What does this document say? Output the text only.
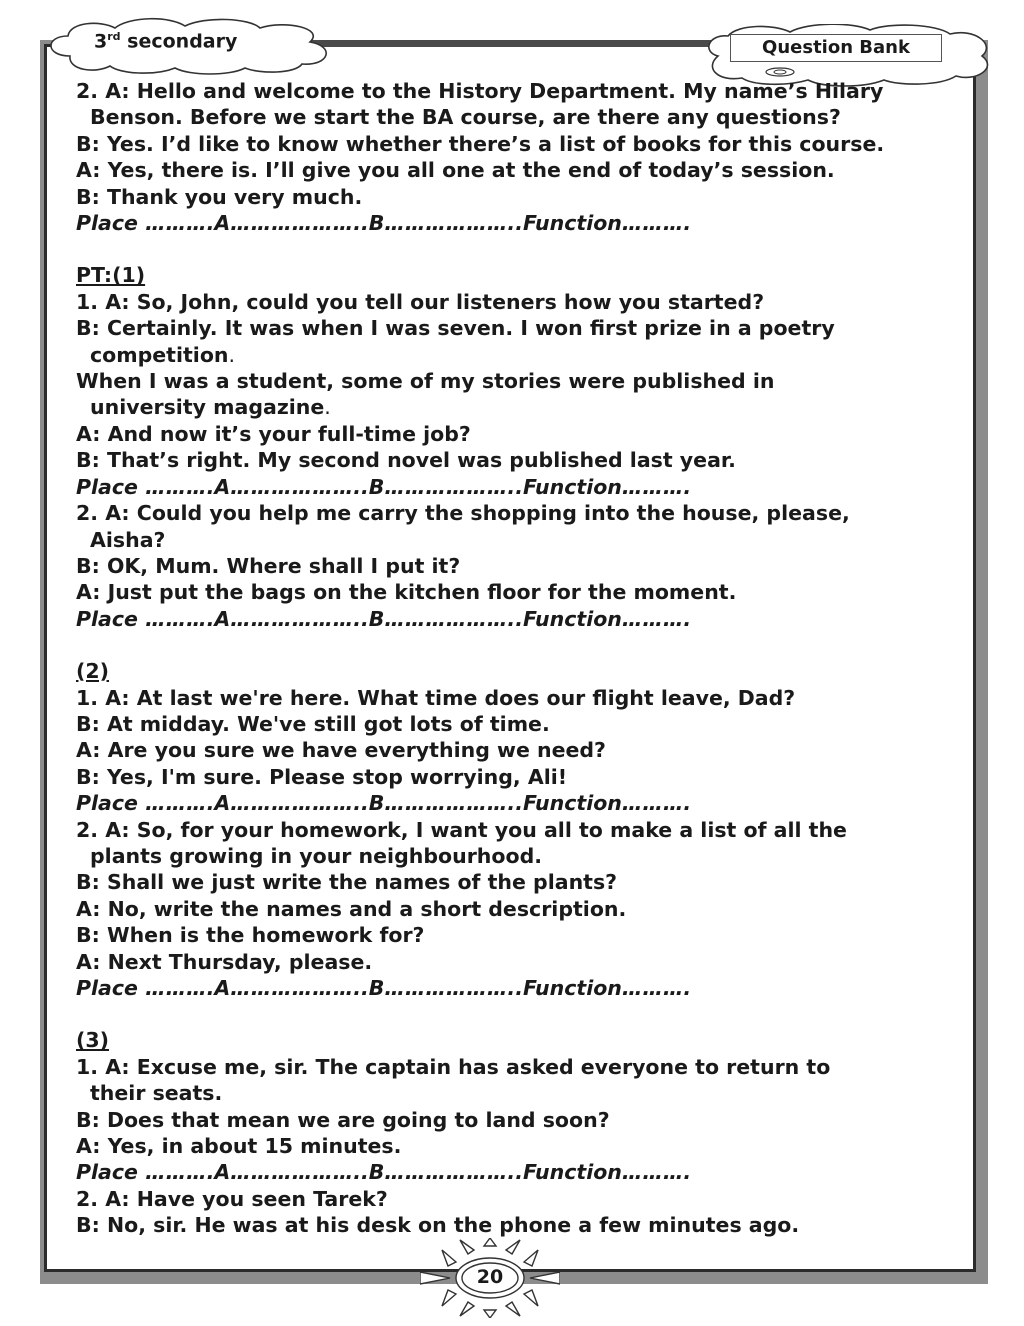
3rd secondary	Question Bank

2. A: Hello and welcome to the History Department. My name’s Hilary

Benson. Before we start the BA course, are there any questions?

B: Yes. I’d like to know whether there’s a list of books for this course.

A: Yes, there is. I’ll give you all one at the end of today’s session.

B: Thank you very much.

Place ……….A………………..B………………..Function……….

PT:(1)

1. A: So, John, could you tell our listeners how you started?

B: Certainly. It was when I was seven. I won first prize in a poetry

competition.

When I was a student, some of my stories were published in

university magazine.

A: And now it’s your full-time job?

B: That’s right. My second novel was published last year.

Place ……….A………………..B………………..Function……….

2. A: Could you help me carry the shopping into the house, please,

Aisha?

B: OK, Mum. Where shall I put it?

A: Just put the bags on the kitchen floor for the moment.

Place ……….A………………..B………………..Function……….

(2)

1. A: At last we're here. What time does our flight leave, Dad?

B: At midday. We've still got lots of time.

A: Are you sure we have everything we need?

B: Yes, I'm sure. Please stop worrying, Ali!

Place ……….A………………..B………………..Function……….

2. A: So, for your homework, I want you all to make a list of all the

plants growing in your neighbourhood.

B: Shall we just write the names of the plants?

A: No, write the names and a short description.

B: When is the homework for?

A: Next Thursday, please.

Place ……….A………………..B………………..Function……….

(3)

1. A: Excuse me, sir. The captain has asked everyone to return to

their seats.

B: Does that mean we are going to land soon?

A: Yes, in about 15 minutes.

Place ……….A………………..B………………..Function……….

2. A: Have you seen Tarek?

B: No, sir. He was at his desk on the phone a few minutes ago.

20
